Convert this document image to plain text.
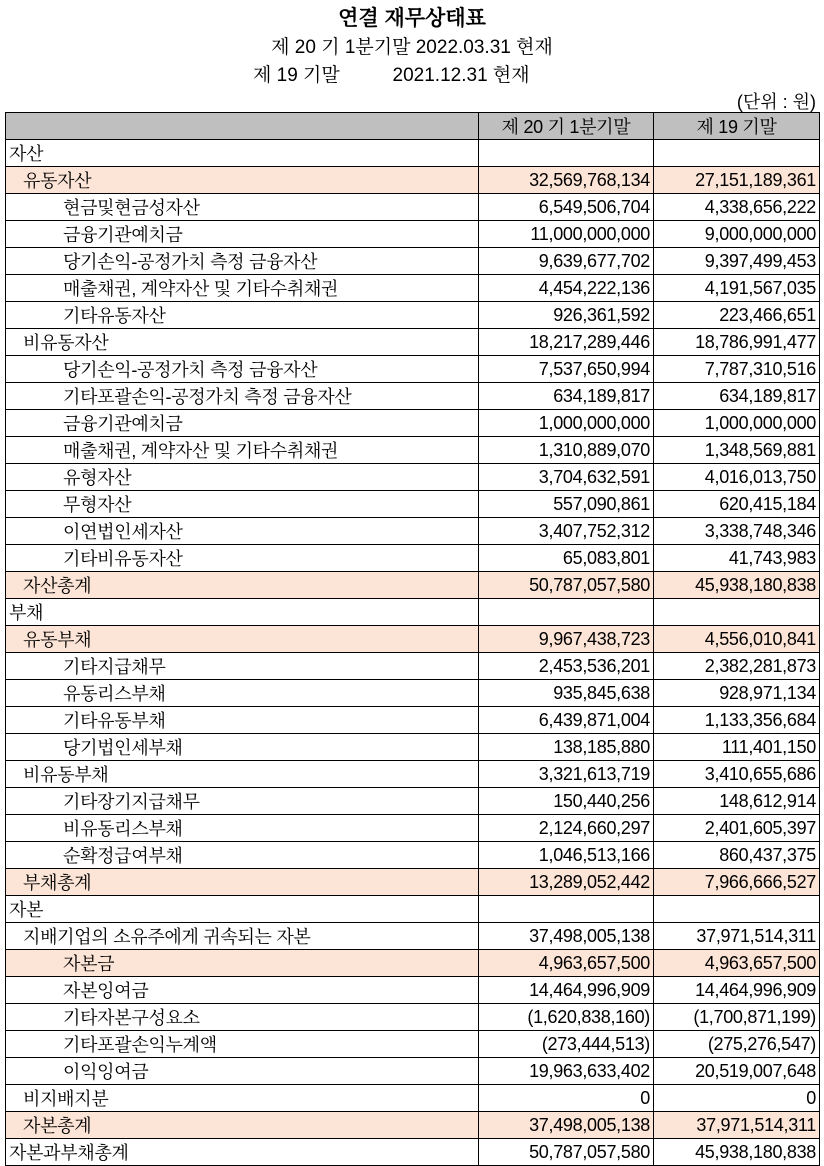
연결 재무상태표
제 20 기 1분기말 2022.03.31 현재
제 19 기말          2021.12.31 현재
(단위 : 원)
	제 20 기 1분기말	제 19 기말
자산		
유동자산	32,569,768,134	27,151,189,361
현금및현금성자산	6,549,506,704	4,338,656,222
금융기관예치금	11,000,000,000	9,000,000,000
당기손익-공정가치 측정 금융자산	9,639,677,702	9,397,499,453
매출채권, 계약자산 및 기타수취채권	4,454,222,136	4,191,567,035
기타유동자산	926,361,592	223,466,651
비유동자산	18,217,289,446	18,786,991,477
당기손익-공정가치 측정 금융자산	7,537,650,994	7,787,310,516
기타포괄손익-공정가치 측정 금융자산	634,189,817	634,189,817
금융기관예치금	1,000,000,000	1,000,000,000
매출채권, 계약자산 및 기타수취채권	1,310,889,070	1,348,569,881
유형자산	3,704,632,591	4,016,013,750
무형자산	557,090,861	620,415,184
이연법인세자산	3,407,752,312	3,338,748,346
기타비유동자산	65,083,801	41,743,983
자산총계	50,787,057,580	45,938,180,838
부채		
유동부채	9,967,438,723	4,556,010,841
기타지급채무	2,453,536,201	2,382,281,873
유동리스부채	935,845,638	928,971,134
기타유동부채	6,439,871,004	1,133,356,684
당기법인세부채	138,185,880	111,401,150
비유동부채	3,321,613,719	3,410,655,686
기타장기지급채무	150,440,256	148,612,914
비유동리스부채	2,124,660,297	2,401,605,397
순확정급여부채	1,046,513,166	860,437,375
부채총계	13,289,052,442	7,966,666,527
자본		
지배기업의 소유주에게 귀속되는 자본	37,498,005,138	37,971,514,311
자본금	4,963,657,500	4,963,657,500
자본잉여금	14,464,996,909	14,464,996,909
기타자본구성요소	(1,620,838,160)	(1,700,871,199)
기타포괄손익누계액	(273,444,513)	(275,276,547)
이익잉여금	19,963,633,402	20,519,007,648
비지배지분	0	0
자본총계	37,498,005,138	37,971,514,311
자본과부채총계	50,787,057,580	45,938,180,838
